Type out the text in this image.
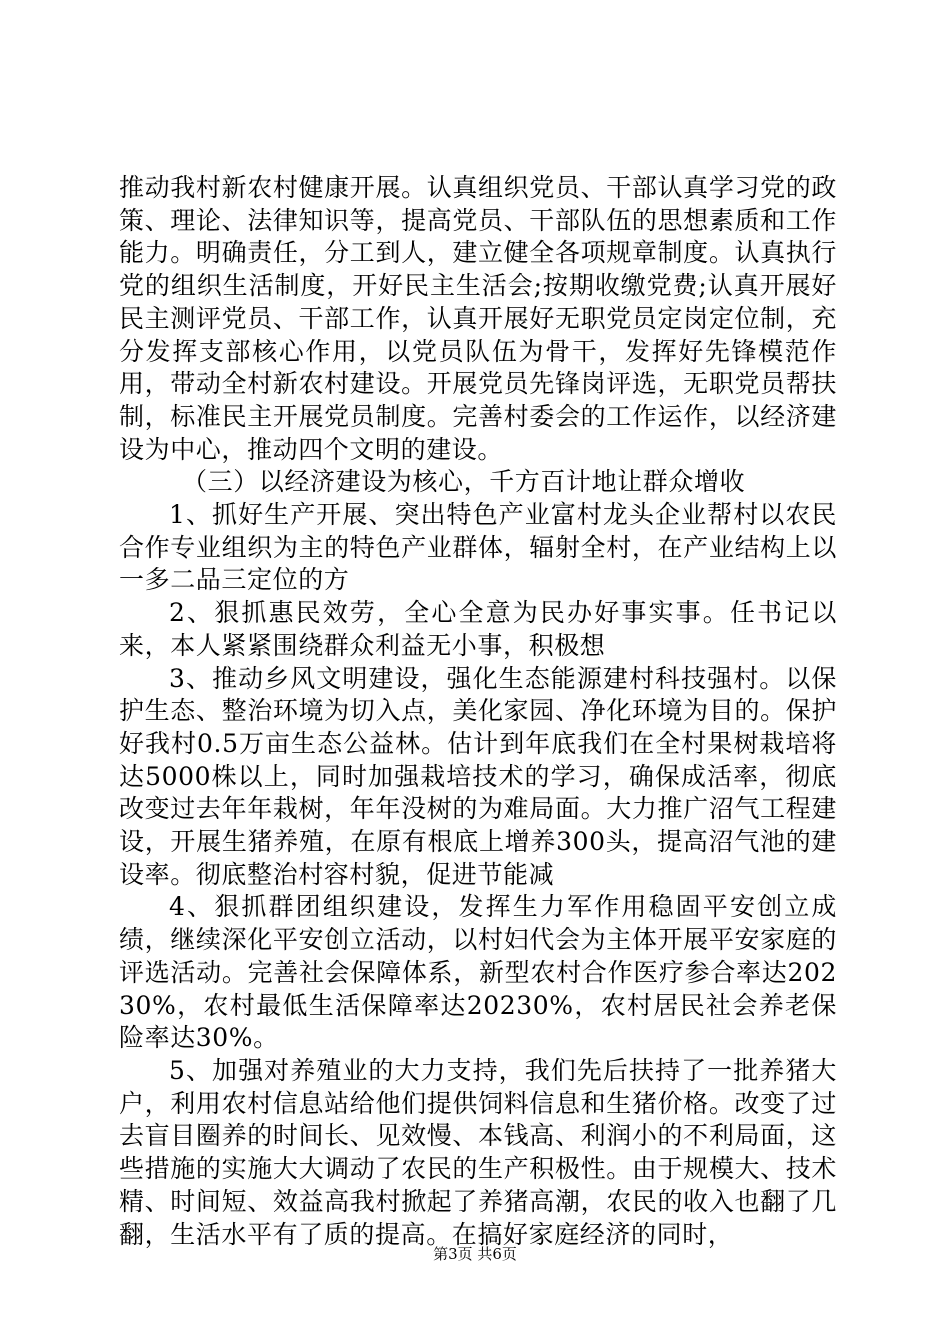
推动我村新农村健康开展。认真组织党员、干部认真学习党的政策、理论、法律知识等，提高党员、干部队伍的思想素质和工作能力。明确责任，分工到人，建立健全各项规章制度。认真执行党的组织生活制度，开好民主生活会;按期收缴党费;认真开展好民主测评党员、干部工作，认真开展好无职党员定岗定位制，充分发挥支部核心作用，以党员队伍为骨干，发挥好先锋模范作用，带动全村新农村建设。开展党员先锋岗评选，无职党员帮扶制，标准民主开展党员制度。完善村委会的工作运作，以经济建设为中心，推动四个文明的建设。

（三）以经济建设为核心，千方百计地让群众增收

1、抓好生产开展、突出特色产业富村龙头企业帮村以农民合作专业组织为主的特色产业群体，辐射全村，在产业结构上以一多二品三定位的方

2、狠抓惠民效劳，全心全意为民办好事实事。任书记以来，本人紧紧围绕群众利益无小事，积极想

3、推动乡风文明建设，强化生态能源建村科技强村。以保护生态、整治环境为切入点，美化家园、净化环境为目的。保护好我村0.5万亩生态公益林。估计到年底我们在全村果树栽培将达5000株以上，同时加强栽培技术的学习，确保成活率，彻底改变过去年年栽树，年年没树的为难局面。大力推广沼气工程建设，开展生猪养殖，在原有根底上增养300头，提高沼气池的建设率。彻底整治村容村貌，促进节能减

4、狠抓群团组织建设，发挥生力军作用稳固平安创立成绩，继续深化平安创立活动，以村妇代会为主体开展平安家庭的评选活动。完善社会保障体系，新型农村合作医疗参合率达20230%，农村最低生活保障率达20230%，农村居民社会养老保险率达30%。

5、加强对养殖业的大力支持，我们先后扶持了一批养猪大户，利用农村信息站给他们提供饲料信息和生猪价格。改变了过去盲目圈养的时间长、见效慢、本钱高、利润小的不利局面，这些措施的实施大大调动了农民的生产积极性。由于规模大、技术精、时间短、效益高我村掀起了养猪高潮，农民的收入也翻了几翻，生活水平有了质的提高。在搞好家庭经济的同时，

第3页 共6页
